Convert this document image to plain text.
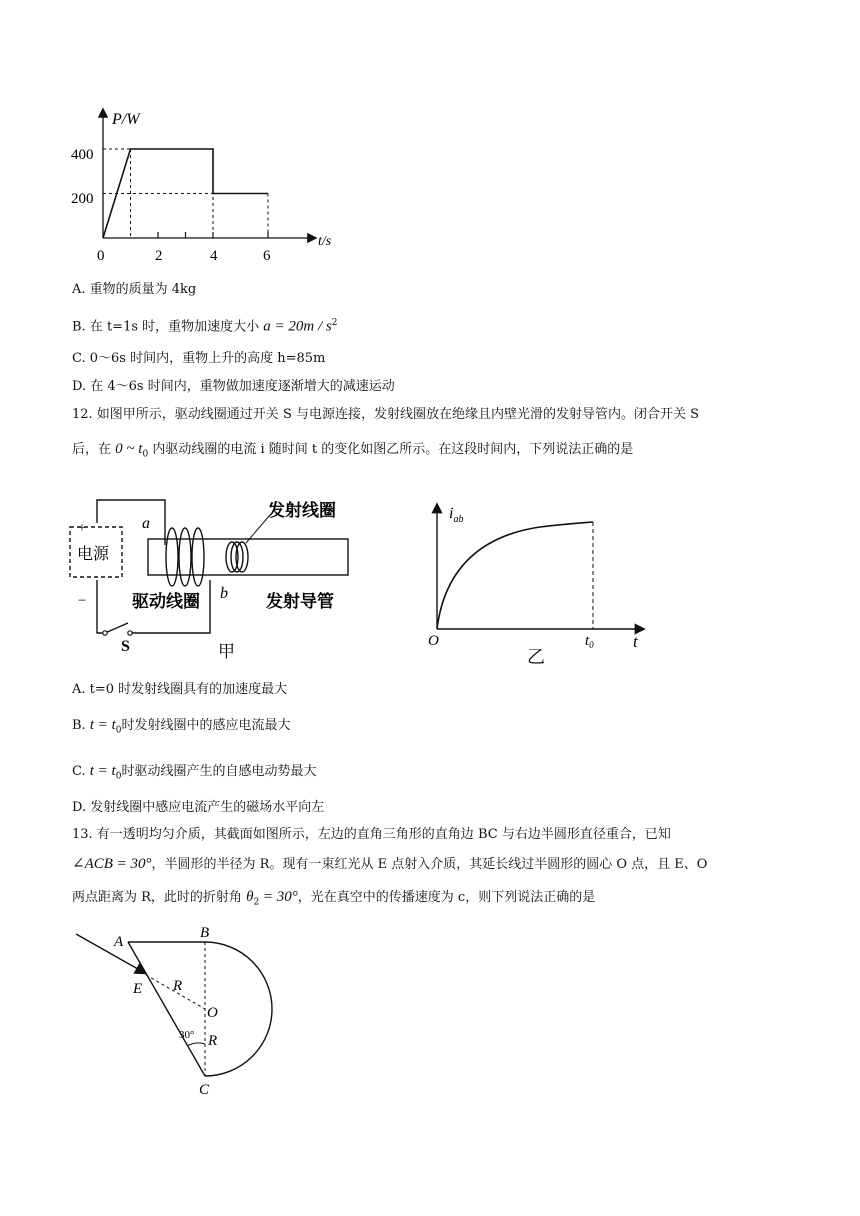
P/W
t/s
400
200
0	2	4	6
A. 重物的质量为 4kg
B. 在 t=1s 时，重物加速度大小 $a = 20m / s^2$
C. 0～6s 时间内，重物上升的高度 h=85m
D. 在 4～6s 时间内，重物做加速度逐渐增大的减速运动
12. 如图甲所示，驱动线圈通过开关 S 与电源连接，发射线圈放在绝缘且内壁光滑的发射导管内。闭合开关 S
后，在 0 ~ $t_0$ 内驱动线圈的电流 i 随时间 t 的变化如图乙所示。在这段时间内，下列说法正确的是
+
−
电源
a
b
驱动线圈
发射线圈
发射导管
S	甲
$i_{ab}$
t
O	$t_0$
乙
A. t=0 时发射线圈具有的加速度最大
B. $t = t_0$时发射线圈中的感应电流最大
C. $t = t_0$时驱动线圈产生的自感电动势最大
D. 发射线圈中感应电流产生的磁场水平向左
13. 有一透明均匀介质，其截面如图所示，左边的直角三角形的直角边 BC 与右边半圆形直径重合，已知
∠ACB = 30°，半圆形的半径为 R。现有一束红光从 E 点射入介质，其延长线过半圆形的圆心 O 点，且 E、O
两点距离为 R，此时的折射角 $\theta_2 = 30^\circ$，光在真空中的传播速度为 c，则下列说法正确的是
A
B
C
E
O
R
R
30°
